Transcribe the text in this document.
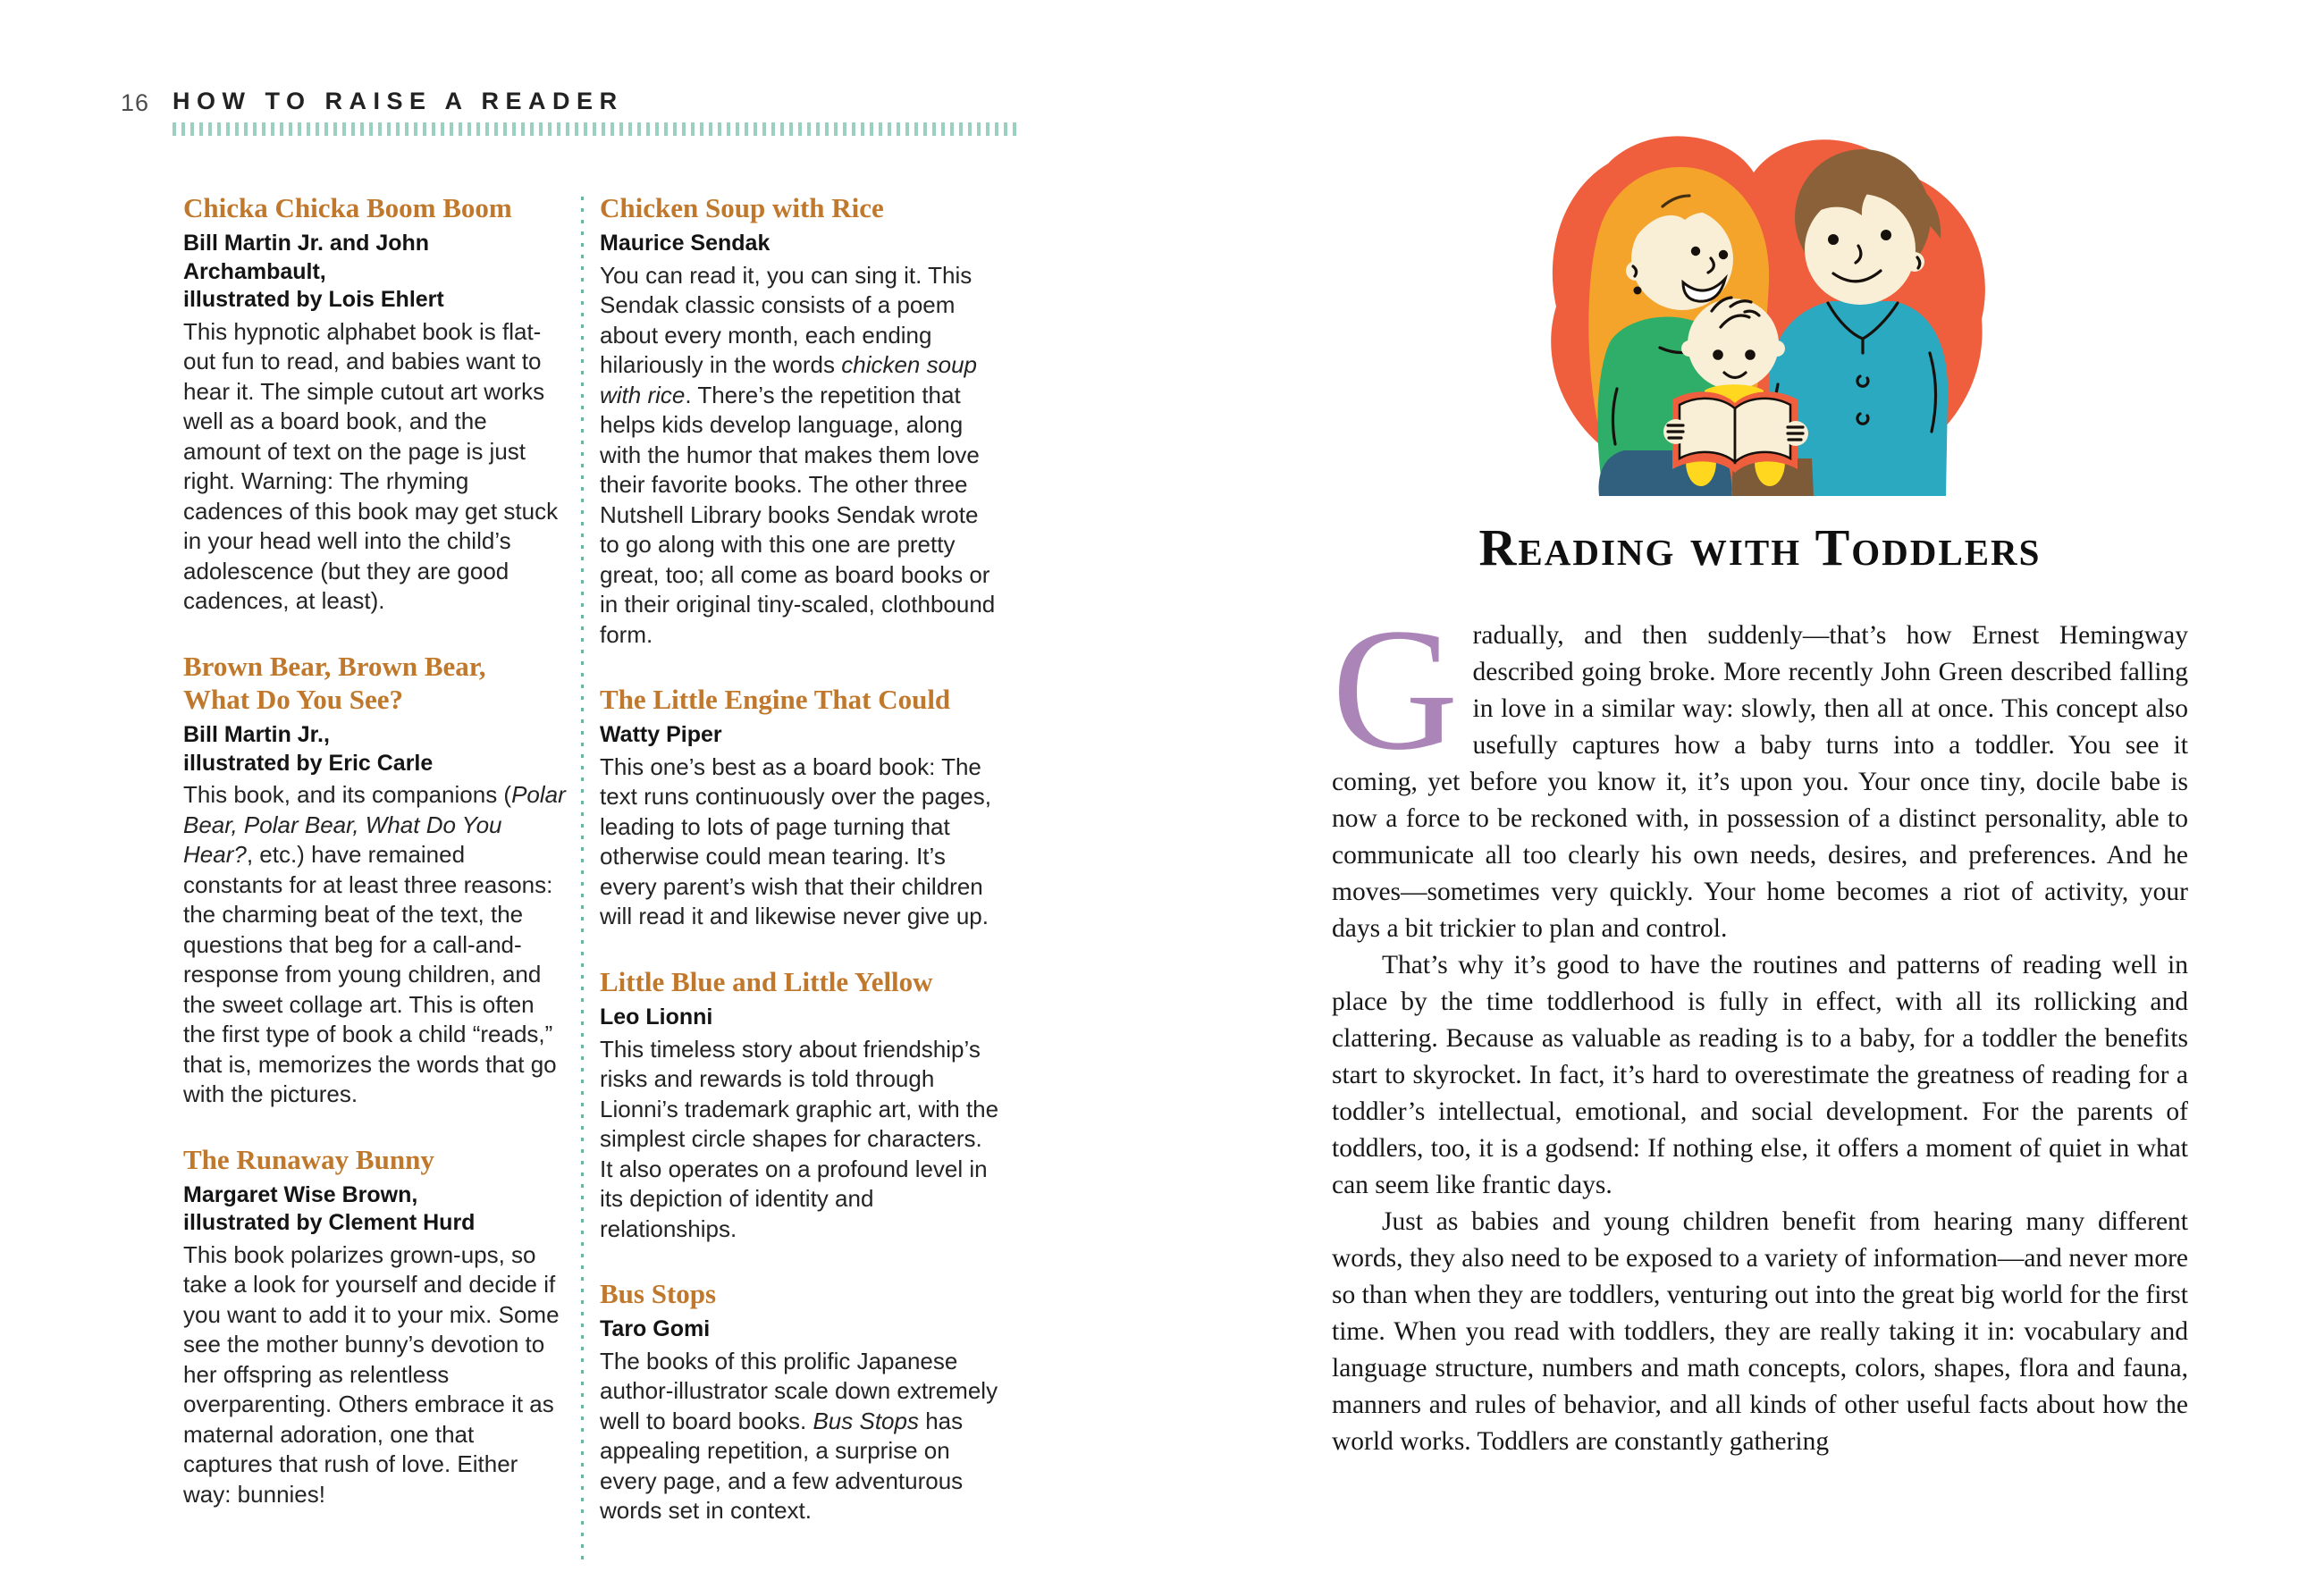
16 HOW TO RAISE A READER
Chicka Chicka Boom Boom

Bill Martin Jr. and John Archambault,
illustrated by Lois Ehlert

This hypnotic alphabet book is flat-out fun to read, and babies want to hear it. The simple cutout art works well as a board book, and the amount of text on the page is just right. Warning: The rhyming cadences of this book may get stuck in your head well into the child’s adolescence (but they are good cadences, at least).

Brown Bear, Brown Bear,
What Do You See?

Bill Martin Jr.,
illustrated by Eric Carle

This book, and its companions (Polar Bear, Polar Bear, What Do You Hear?, etc.) have remained constants for at least three reasons: the charming beat of the text, the questions that beg for a call-and-response from young children, and the sweet collage art. This is often the first type of book a child “reads,” that is, memorizes the words that go with the pictures.

The Runaway Bunny

Margaret Wise Brown,
illustrated by Clement Hurd

This book polarizes grown-ups, so take a look for yourself and decide if you want to add it to your mix. Some see the mother bunny’s devotion to her offspring as relentless overparenting. Others embrace it as maternal adoration, one that captures that rush of love. Either way: bunnies!

Chicken Soup with Rice

Maurice Sendak

You can read it, you can sing it. This Sendak classic consists of a poem about every month, each ending hilariously in the words chicken soup with rice. There’s the repetition that helps kids develop language, along with the humor that makes them love their favorite books. The other three Nutshell Library books Sendak wrote to go along with this one are pretty great, too; all come as board books or in their original tiny-scaled, clothbound form.

The Little Engine That Could

Watty Piper

This one’s best as a board book: The text runs continuously over the pages, leading to lots of page turning that otherwise could mean tearing. It’s every parent’s wish that their children will read it and likewise never give up.

Little Blue and Little Yellow

Leo Lionni

This timeless story about friendship’s risks and rewards is told through Lionni’s trademark graphic art, with the simplest circle shapes for characters. It also operates on a profound level in its depiction of identity and relationships.

Bus Stops

Taro Gomi

The books of this prolific Japanese author-illustrator scale down extremely well to board books. Bus Stops has appealing repetition, a surprise on every page, and a few adventurous words set in context.

Reading with Toddlers

Gradually, and then suddenly—that’s how Ernest Hemingway described going broke. More recently John Green described falling in love in a similar way: slowly, then all at once. This concept also usefully captures how a baby turns into a toddler. You see it coming, yet before you know it, it’s upon you. Your once tiny, docile babe is now a force to be reckoned with, in possession of a distinct personality, able to communicate all too clearly his own needs, desires, and preferences. And he moves—sometimes very quickly. Your home becomes a riot of activity, your days a bit trickier to plan and control.

That’s why it’s good to have the routines and patterns of reading well in place by the time toddlerhood is fully in effect, with all its rollicking and clattering. Because as valuable as reading is to a baby, for a toddler the benefits start to skyrocket. In fact, it’s hard to overestimate the greatness of reading for a toddler’s intellectual, emotional, and social development. For the parents of toddlers, too, it is a godsend: If nothing else, it offers a moment of quiet in what can seem like frantic days.

Just as babies and young children benefit from hearing many different words, they also need to be exposed to a variety of information—and never more so than when they are toddlers, venturing out into the great big world for the first time. When you read with toddlers, they are really taking it in: vocabulary and language structure, numbers and math concepts, colors, shapes, flora and fauna, manners and rules of behavior, and all kinds of other useful facts about how the world works. Toddlers are constantly gathering
